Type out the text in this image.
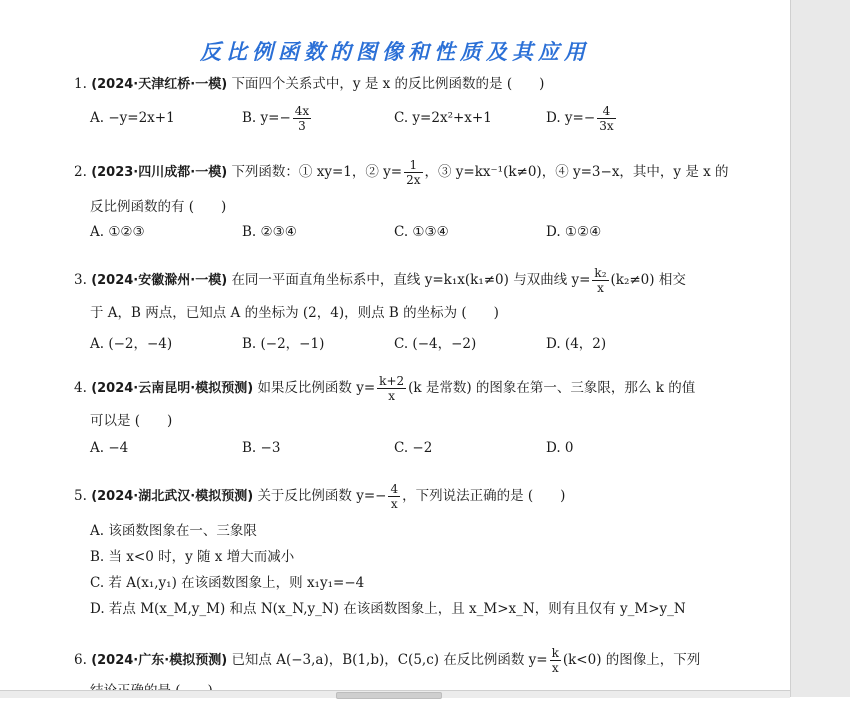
反比例函数的图像和性质及其应用
1. (2024·天津红桥·一模) 下面四个关系式中，y 是 x 的反比例函数的是 (　　)
A. −y=2x+1	B. $y=- \frac{4x}{3}$	C. y=2x²+x+1	D. $y=- \frac{4}{3x}$
2. (2023·四川成都·一模) 下列函数：① xy=1，② $y= \frac{1}{2x}$ ，③ y=kx⁻¹(k≠0)，④ y=3−x，其中，y 是 x 的
反比例函数的有 (　　)
A. ①②③	B. ②③④	C. ①③④	D. ①②④
3. (2024·安徽滁州·一模) 在同一平面直角坐标系中，直线 y=k₁x(k₁≠0) 与双曲线 $y= \frac{\text{k₂}}{x} (k_2\ne 0)$ 相交
于 A，B 两点，已知点 A 的坐标为 (2，4)，则点 B 的坐标为 (　　)
A. (−2，−4)	B. (−2，−1)	C. (−4，−2)	D. (4，2)
4. (2024·云南昆明·模拟预测) 如果反比例函数 $y= \frac{k+2}{x} (k$ 是常数) 的图象在第一、三象限，那么 k 的值
可以是 (　　)
A. −4	B. −3	C. −2	D. 0
5. (2024·湖北武汉·模拟预测) 关于反比例函数 $y=- \frac{4}{x}$ ，下列说法正确的是 (　　)
A. 该函数图象在一、三象限
B. 当 x<0 时，y 随 x 增大而减小
C. 若 A(x₁,y₁) 在该函数图象上，则 x₁y₁=−4
D. 若点 M(x_M,y_M) 和点 N(x_N,y_N) 在该函数图象上，且 x_M>x_N，则有且仅有 y_M>y_N
6. (2024·广东·模拟预测) 已知点 A(−3,a)，B(1,b)，C(5,c) 在反比例函数 $y= \frac{k}{x} (k<0)$ 的图像上，下列
